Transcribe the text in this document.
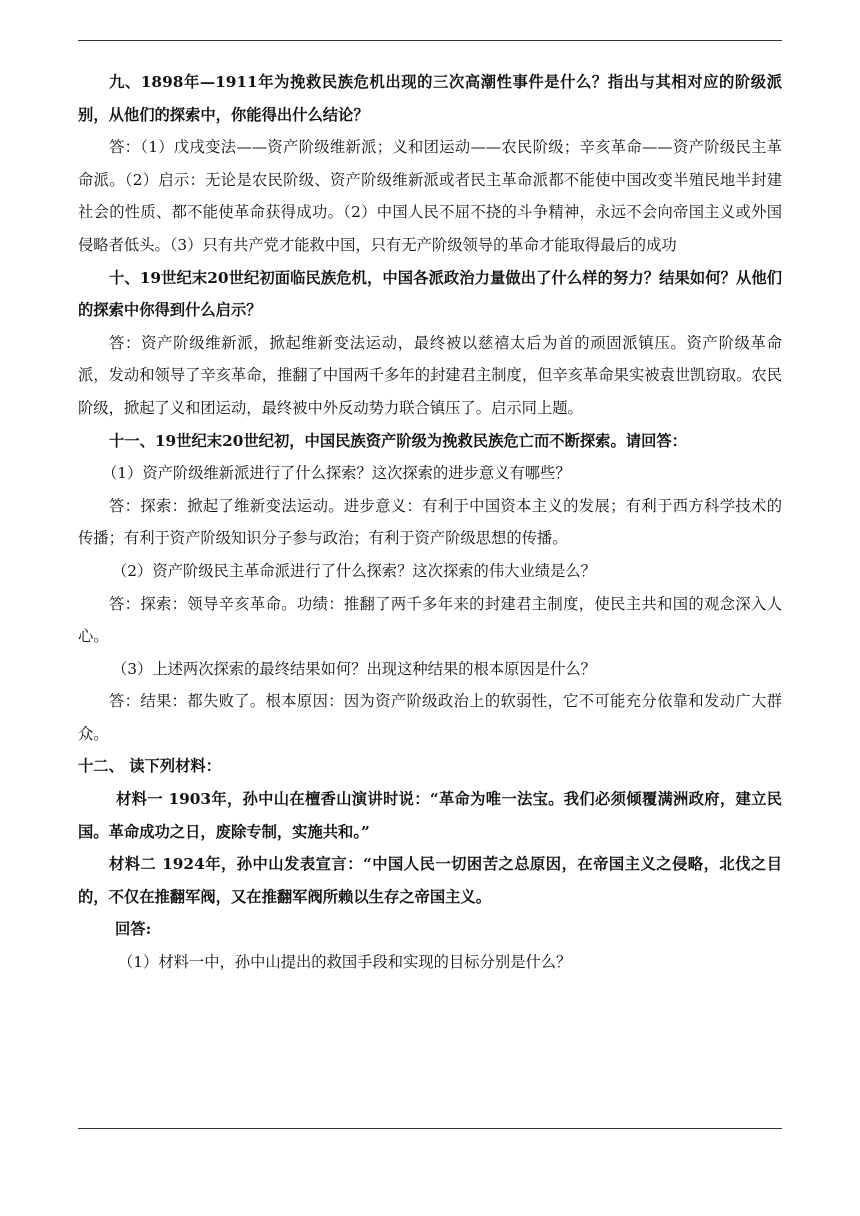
九、1898年—1911年为挽救民族危机出现的三次高潮性事件是什么？指出与其相对应的阶级派别，从他们的探索中，你能得出什么结论？

答：（1）戊戌变法——资产阶级维新派；义和团运动——农民阶级；辛亥革命——资产阶级民主革命派。（2）启示：无论是农民阶级、资产阶级维新派或者民主革命派都不能使中国改变半殖民地半封建社会的性质、都不能使革命获得成功。（2）中国人民不屈不挠的斗争精神，永远不会向帝国主义或外国侵略者低头。（3）只有共产党才能救中国，只有无产阶级领导的革命才能取得最后的成功

十、19世纪末20世纪初面临民族危机，中国各派政治力量做出了什么样的努力？结果如何？从他们的探索中你得到什么启示？

答：资产阶级维新派，掀起维新变法运动，最终被以慈禧太后为首的顽固派镇压。资产阶级革命派，发动和领导了辛亥革命，推翻了中国两千多年的封建君主制度，但辛亥革命果实被袁世凯窃取。农民阶级，掀起了义和团运动，最终被中外反动势力联合镇压了。启示同上题。

十一、19世纪末20世纪初，中国民族资产阶级为挽救民族危亡而不断探索。请回答：

（1）资产阶级维新派进行了什么探索？这次探索的进步意义有哪些？

答：探索：掀起了维新变法运动。进步意义：有利于中国资本主义的发展；有利于西方科学技术的传播；有利于资产阶级知识分子参与政治；有利于资产阶级思想的传播。

（2）资产阶级民主革命派进行了什么探索？这次探索的伟大业绩是么？

答：探索：领导辛亥革命。功绩：推翻了两千多年来的封建君主制度，使民主共和国的观念深入人心。

（3）上述两次探索的最终结果如何？出现这种结果的根本原因是什么？

答：结果：都失败了。根本原因：因为资产阶级政治上的软弱性，它不可能充分依靠和发动广大群众。

十二、 读下列材料：

材料一 1903年，孙中山在檀香山演讲时说：“革命为唯一法宝。我们必须倾覆满洲政府，建立民国。革命成功之日，废除专制，实施共和。”

材料二 1924年，孙中山发表宣言：“中国人民一切困苦之总原因，在帝国主义之侵略，北伐之目的，不仅在推翻军阀，又在推翻军阀所赖以生存之帝国主义。

回答:

（1）材料一中，孙中山提出的救国手段和实现的目标分别是什么？
